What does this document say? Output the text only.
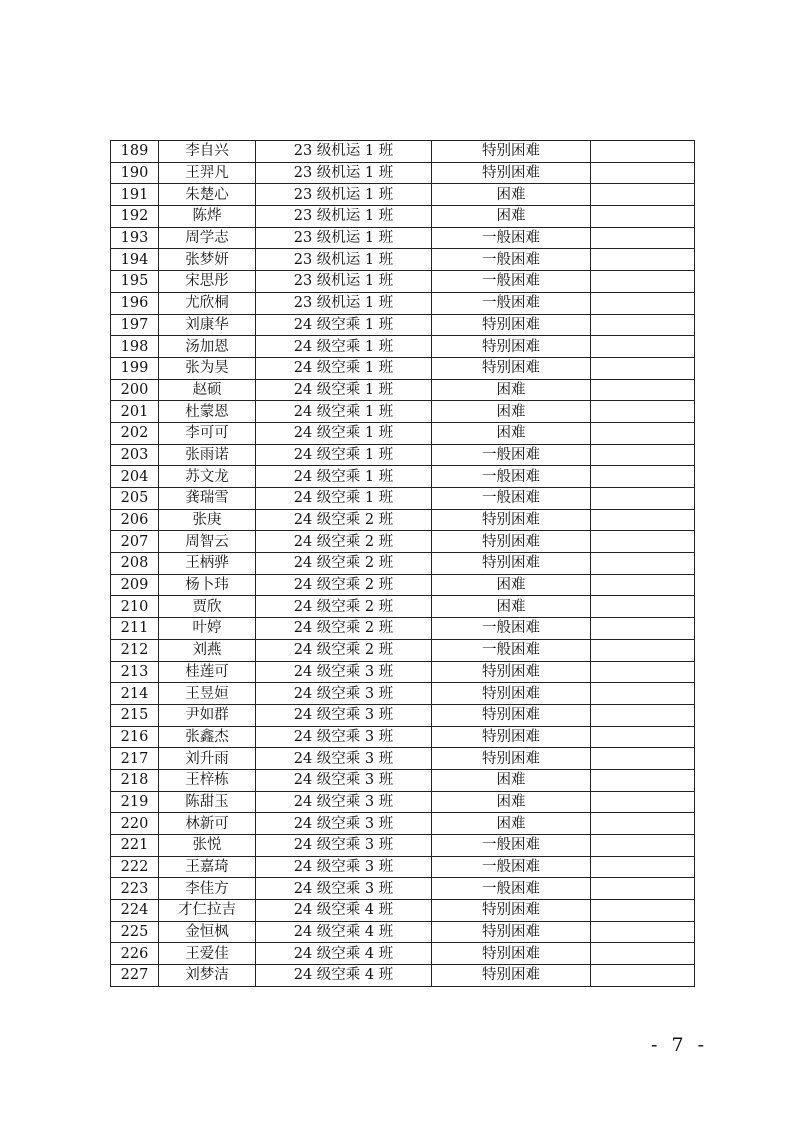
189	李自兴	23 级机运 1 班	特别困难	
190	王羿凡	23 级机运 1 班	特别困难	
191	朱楚心	23 级机运 1 班	困难	
192	陈烨	23 级机运 1 班	困难	
193	周学志	23 级机运 1 班	一般困难	
194	张梦妍	23 级机运 1 班	一般困难	
195	宋思彤	23 级机运 1 班	一般困难	
196	尤欣桐	23 级机运 1 班	一般困难	
197	刘康华	24 级空乘 1 班	特别困难	
198	汤加恩	24 级空乘 1 班	特别困难	
199	张为昊	24 级空乘 1 班	特别困难	
200	赵硕	24 级空乘 1 班	困难	
201	杜蒙恩	24 级空乘 1 班	困难	
202	李可可	24 级空乘 1 班	困难	
203	张雨诺	24 级空乘 1 班	一般困难	
204	苏文龙	24 级空乘 1 班	一般困难	
205	龚瑞雪	24 级空乘 1 班	一般困难	
206	张庚	24 级空乘 2 班	特别困难	
207	周智云	24 级空乘 2 班	特别困难	
208	王柄骅	24 级空乘 2 班	特别困难	
209	杨卜玮	24 级空乘 2 班	困难	
210	贾欣	24 级空乘 2 班	困难	
211	叶婷	24 级空乘 2 班	一般困难	
212	刘燕	24 级空乘 2 班	一般困难	
213	桂莲可	24 级空乘 3 班	特别困难	
214	王昱姮	24 级空乘 3 班	特别困难	
215	尹如群	24 级空乘 3 班	特别困难	
216	张鑫杰	24 级空乘 3 班	特别困难	
217	刘升雨	24 级空乘 3 班	特别困难	
218	王梓栋	24 级空乘 3 班	困难	
219	陈甜玉	24 级空乘 3 班	困难	
220	林新可	24 级空乘 3 班	困难	
221	张悦	24 级空乘 3 班	一般困难	
222	王嘉琦	24 级空乘 3 班	一般困难	
223	李佳方	24 级空乘 3 班	一般困难	
224	才仁拉吉	24 级空乘 4 班	特别困难	
225	金恒枫	24 级空乘 4 班	特别困难	
226	王爱佳	24 级空乘 4 班	特别困难	
227	刘梦洁	24 级空乘 4 班	特别困难	
- 7 -
